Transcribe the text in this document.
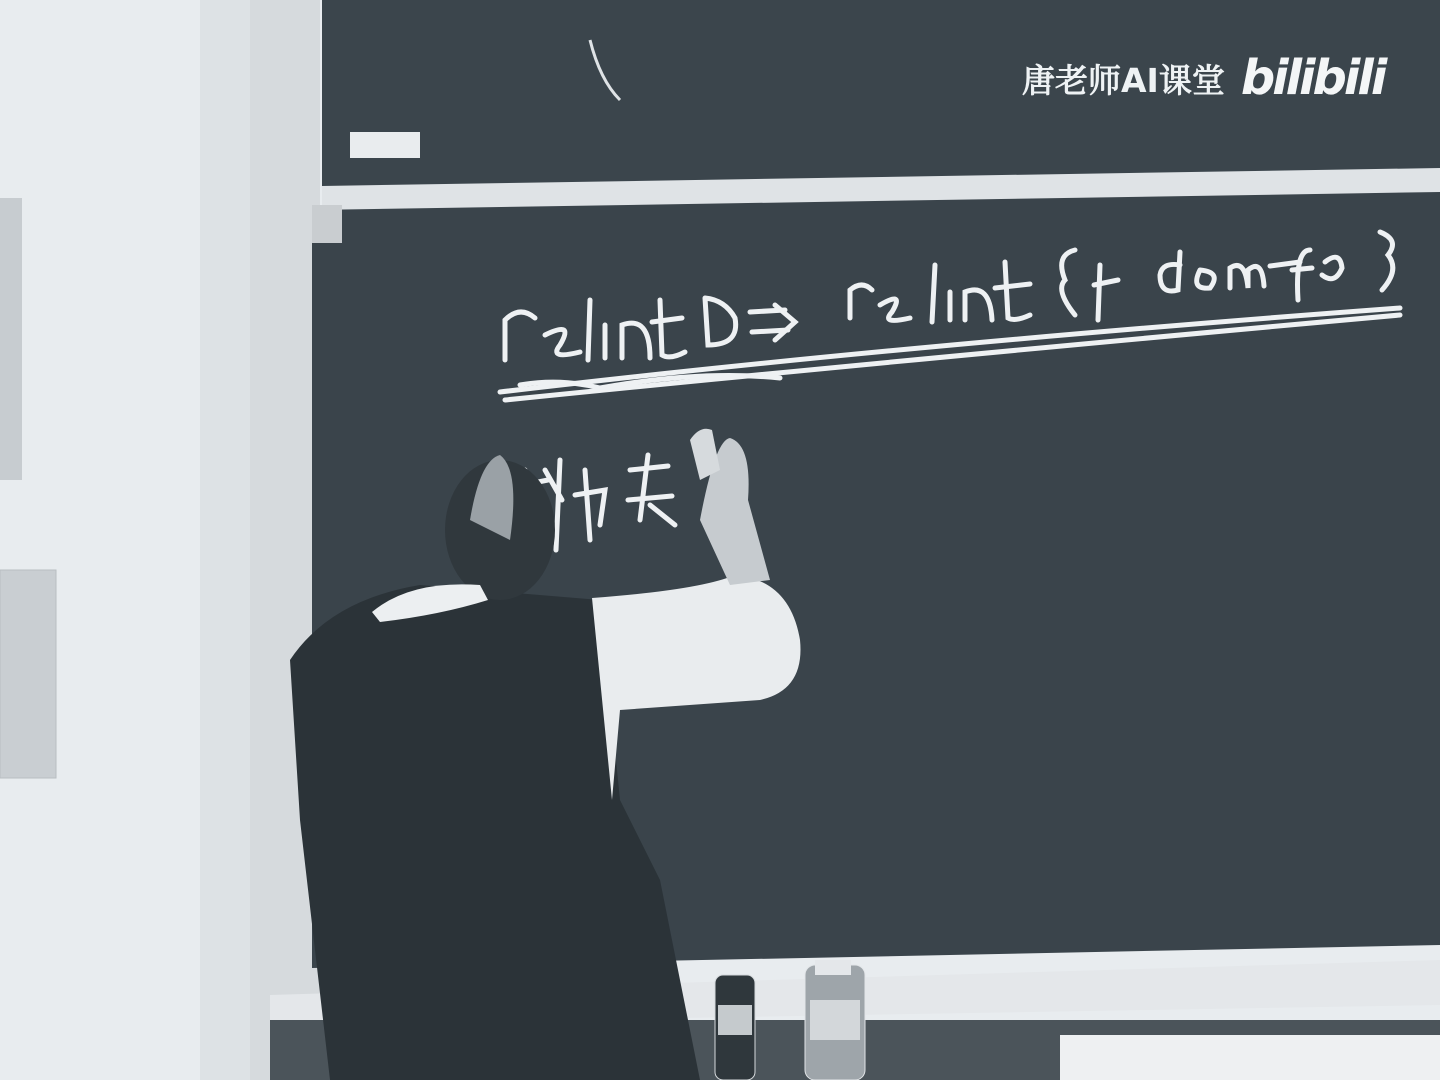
唐老师AI课堂 bilibili
